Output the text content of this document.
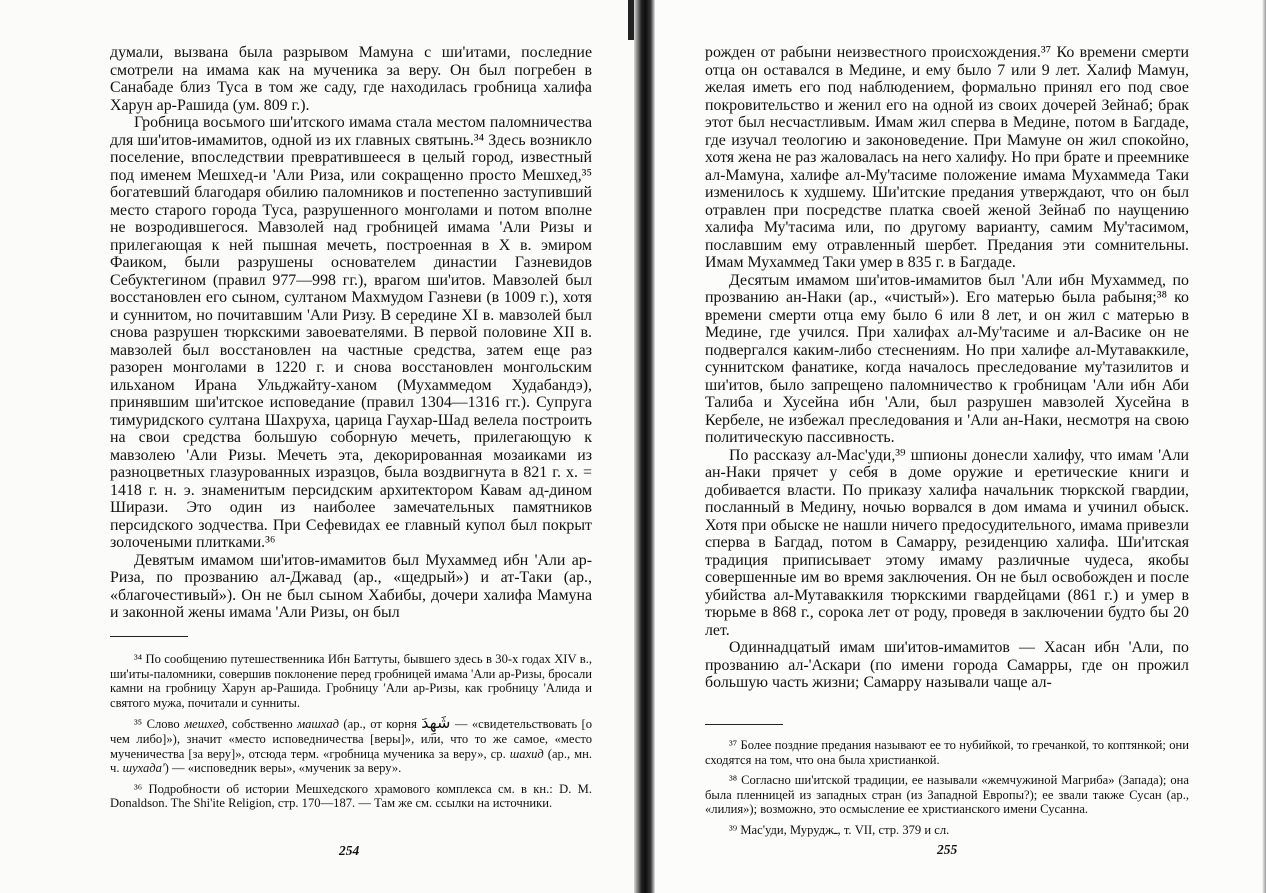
думали, вызвана была разрывом Мамуна с ши'итами, последние смотрели на имама как на мученика за веру. Он был погребен в Санабаде близ Туса в том же саду, где находилась гробница халифа Харун ар-Рашида (ум. 809 г.).

Гробница восьмого ши'итского имама стала местом паломничества для ши'итов-имамитов, одной из их главных святынь.³⁴ Здесь возникло поселение, впоследствии превратившееся в целый город, известный под именем Мешхед-и 'Али Риза, или сокращенно просто Мешхед,³⁵ богатевший благодаря обилию паломников и постепенно заступивший место старого города Туса, разрушенного монголами и потом вполне не возродившегося. Мавзолей над гробницей имама 'Али Ризы и прилегающая к ней пышная мечеть, построенная в X в. эмиром Фаиком, были разрушены основателем династии Газневидов Себуктегином (правил 977—998 гг.), врагом ши'итов. Мавзолей был восстановлен его сыном, султаном Махмудом Газневи (в 1009 г.), хотя и суннитом, но почитавшим 'Али Ризу. В середине XI в. мавзолей был снова разрушен тюркскими завоевателями. В первой половине XII в. мавзолей был восстановлен на частные средства, затем еще раз разорен монголами в 1220 г. и снова восстановлен монгольским ильханом Ирана Ульджайту-ханом (Мухаммедом Худабандэ), принявшим ши'итское исповедание (правил 1304—1316 гг.). Супруга тимуридского султана Шахруха, царица Гаухар-Шад велела построить на свои средства большую соборную мечеть, прилегающую к мавзолею 'Али Ризы. Мечеть эта, декорированная мозаиками из разноцветных глазурованных изразцов, была воздвигнута в 821 г. х. = 1418 г. н. э. знаменитым персидским архитектором Кавам ад-дином Ширази. Это один из наиболее замечательных памятников персидского зодчества. При Сефевидах ее главный купол был покрыт золочеными плитками.³⁶

Девятым имамом ши'итов-имамитов был Мухаммед ибн 'Али ар-Риза, по прозванию ал-Джавад (ар., «щедрый») и ат-Таки (ар., «благочестивый»). Он не был сыном Хабибы, дочери халифа Мамуна и законной жены имама 'Али Ризы, он был

³⁴ По сообщению путешественника Ибн Баттуты, бывшего здесь в 30-х годах XIV в., ши'иты-паломники, совершив поклонение перед гробницей имама 'Али ар-Ризы, бросали камни на гробницу Харун ар-Рашида. Гробницу 'Али ар-Ризы, как гробницу 'Алида и святого мужа, почитали и сунниты.

³⁵ Слово мешхед, собственно машхад (ар., от корня شَهِدَ — «свидетельствовать [о чем либо]»), значит «место исповедничества [веры]», или, что то же самое, «место мученичества [за веру]», отсюда терм. «гробница мученика за веру», ср. шахид (ар., мн. ч. шухада') — «исповедник веры», «мученик за веру».

³⁶ Подробности об истории Мешхедского храмового комплекса см. в кн.: D. M. Donaldson. The Shi'ite Religion, стр. 170—187. — Там же см. ссылки на источники.

254

рожден от рабыни неизвестного происхождения.³⁷ Ко времени смерти отца он оставался в Медине, и ему было 7 или 9 лет. Халиф Мамун, желая иметь его под наблюдением, формально принял его под свое покровительство и женил его на одной из своих дочерей Зейнаб; брак этот был несчастливым. Имам жил сперва в Медине, потом в Багдаде, где изучал теологию и законоведение. При Мамуне он жил спокойно, хотя жена не раз жаловалась на него халифу. Но при брате и преемнике ал-Мамуна, халифе ал-Му'тасиме положение имама Мухаммеда Таки изменилось к худшему. Ши'итские предания утверждают, что он был отравлен при посредстве платка своей женой Зейнаб по наущению халифа Му'тасима или, по другому варианту, самим Му'тасимом, пославшим ему отравленный шербет. Предания эти сомнительны. Имам Мухаммед Таки умер в 835 г. в Багдаде.

Десятым имамом ши'итов-имамитов был 'Али ибн Мухаммед, по прозванию ан-Наки (ар., «чистый»). Его матерью была рабыня;³⁸ ко времени смерти отца ему было 6 или 8 лет, и он жил с матерью в Медине, где учился. При халифах ал-Му'тасиме и ал-Васике он не подвергался каким-либо стеснениям. Но при халифе ал-Мутаваккиле, суннитском фанатике, когда началось преследование му'тазилитов и ши'итов, было запрещено паломничество к гробницам 'Али ибн Аби Талиба и Хусейна ибн 'Али, был разрушен мавзолей Хусейна в Кербеле, не избежал преследования и 'Али ан-Наки, несмотря на свою политическую пассивность.

По рассказу ал-Мас'уди,³⁹ шпионы донесли халифу, что имам 'Али ан-Наки прячет у себя в доме оружие и еретические книги и добивается власти. По приказу халифа начальник тюркской гвардии, посланный в Медину, ночью ворвался в дом имама и учинил обыск. Хотя при обыске не нашли ничего предосудительного, имама привезли сперва в Багдад, потом в Самарру, резиденцию халифа. Ши'итская традиция приписывает этому имаму различные чудеса, якобы совершенные им во время заключения. Он не был освобожден и после убийства ал-Мутаваккиля тюркскими гвардейцами (861 г.) и умер в тюрьме в 868 г., сорока лет от роду, проведя в заключении будто бы 20 лет.

Одиннадцатый имам ши'итов-имамитов — Хасан ибн 'Али, по прозванию ал-'Аскари (по имени города Самарры, где он прожил большую часть жизни; Самарру называли чаще ал-

³⁷ Более поздние предания называют ее то нубийкой, то гречанкой, то коптянкой; они сходятся на том, что она была христианкой.

³⁸ Согласно ши'итской традиции, ее называли «жемчужиной Магриба» (Запада); она была пленницей из западных стран (из Западной Европы?); ее звали также Сусан (ар., «лилия»); возможно, это осмысление ее христианского имени Сусанна.

³⁹ Мас'уди, Муруджـ, т. VII, стр. 379 и сл.

255
